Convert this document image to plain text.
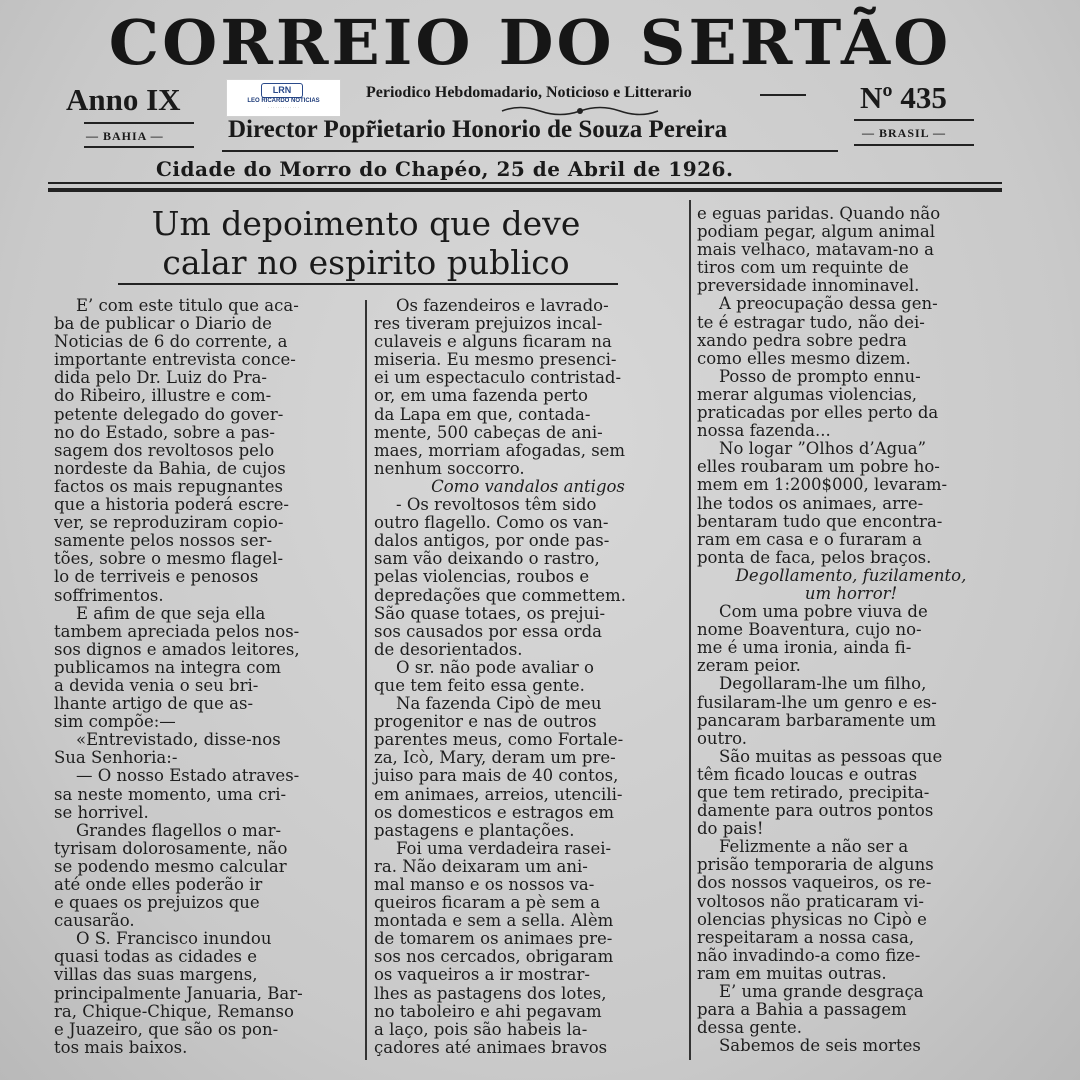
CORREIO DO SERTÃO
Anno IX	LRN
LEO RICARDO NOTICIAS
· · · · · · · · · · · · ·
Periodico Hebdomadario, Noticioso e Litterario	Nº 435
— BAHIA —	Director Popr̃ietario Honorio de Souza Pereira	— BRASIL —
Cidade do Morro do Chapéo, 25 de Abril de 1926.
Um depoimento que deve
calar no espirito publico

E’ com este titulo que aca-

ba de publicar o Diario de

Noticias de 6 do corrente, a

importante entrevista conce-

dida pelo Dr. Luiz do Pra-

do Ribeiro, illustre e com-

petente delegado do gover-

no do Estado, sobre a pas-

sagem dos revoltosos pelo

nordeste da Bahia, de cujos

factos os mais repugnantes

que a historia poderá escre-

ver, se reproduziram copio-

samente pelos nossos ser-

tões, sobre o mesmo flagel-

lo de terriveis e penosos

soffrimentos.

E afim de que seja ella

tambem apreciada pelos nos-

sos dignos e amados leitores,

publicamos na integra com

a devida venia o seu bri-

lhante artigo de que as-

sim compõe:—

«Entrevistado, disse-nos

Sua Senhoria:-

— O nosso Estado atraves-

sa neste momento, uma cri-

se horrivel.

Grandes flagellos o mar-

tyrisam dolorosamente, não

se podendo mesmo calcular

até onde elles poderão ir

e quaes os prejuizos que

causarão.

O S. Francisco inundou

quasi todas as cidades e

villas das suas margens,

principalmente Januaria, Bar-

ra, Chique-Chique, Remanso

e Juazeiro, que são os pon-

tos mais baixos.

Os fazendeiros e lavrado-

res tiveram prejuizos incal-

culaveis e alguns ficaram na

miseria. Eu mesmo presenci-

ei um espectaculo contristad-

or, em uma fazenda perto

da Lapa em que, contada-

mente, 500 cabeças de ani-

maes, morriam afogadas, sem

nenhum soccorro.

Como vandalos antigos

- Os revoltosos têm sido

outro flagello. Como os van-

dalos antigos, por onde pas-

sam vão deixando o rastro,

pelas violencias, roubos e

depredações que commettem.

São quase totaes, os prejui-

sos causados por essa orda

de desorientados.

O sr. não pode avaliar o

que tem feito essa gente.

Na fazenda Cipò de meu

progenitor e nas de outros

parentes meus, como Fortale-

za, Icò, Mary, deram um pre-

juiso para mais de 40 contos,

em animaes, arreios, utencili-

os domesticos e estragos em

pastagens e plantações.

Foi uma verdadeira rasei-

ra. Não deixaram um ani-

mal manso e os nossos va-

queiros ficaram a pè sem a

montada e sem a sella. Alèm

de tomarem os animaes pre-

sos nos cercados, obrigaram

os vaqueiros a ir mostrar-

lhes as pastagens dos lotes,

no taboleiro e ahi pegavam

a laço, pois são habeis la-

çadores até animaes bravos

e eguas paridas. Quando não

podiam pegar, algum animal

mais velhaco, matavam-no a

tiros com um requinte de

preversidade innominavel.

A preocupação dessa gen-

te é estragar tudo, não dei-

xando pedra sobre pedra

como elles mesmo dizem.

Posso de prompto ennu-

merar algumas violencias,

praticadas por elles perto da

nossa fazenda...

No logar ”Olhos d’Agua”

elles roubaram um pobre ho-

mem em 1:200$000, levaram-

lhe todos os animaes, arre-

bentaram tudo que encontra-

ram em casa e o furaram a

ponta de faca, pelos braços.

Degollamento, fuzilamento,

um horror!

Com uma pobre viuva de

nome Boaventura, cujo no-

me é uma ironia, ainda fi-

zeram peior.

Degollaram-lhe um filho,

fusilaram-lhe um genro e es-

pancaram barbaramente um

outro.

São muitas as pessoas que

têm ficado loucas e outras

que tem retirado, precipita-

damente para outros pontos

do pais!

Felizmente a não ser a

prisão temporaria de alguns

dos nossos vaqueiros, os re-

voltosos não praticaram vi-

olencias physicas no Cipò e

respeitaram a nossa casa,

não invadindo-a como fize-

ram em muitas outras.

E’ uma grande desgraça

para a Bahia a passagem

dessa gente.

Sabemos de seis mortes
